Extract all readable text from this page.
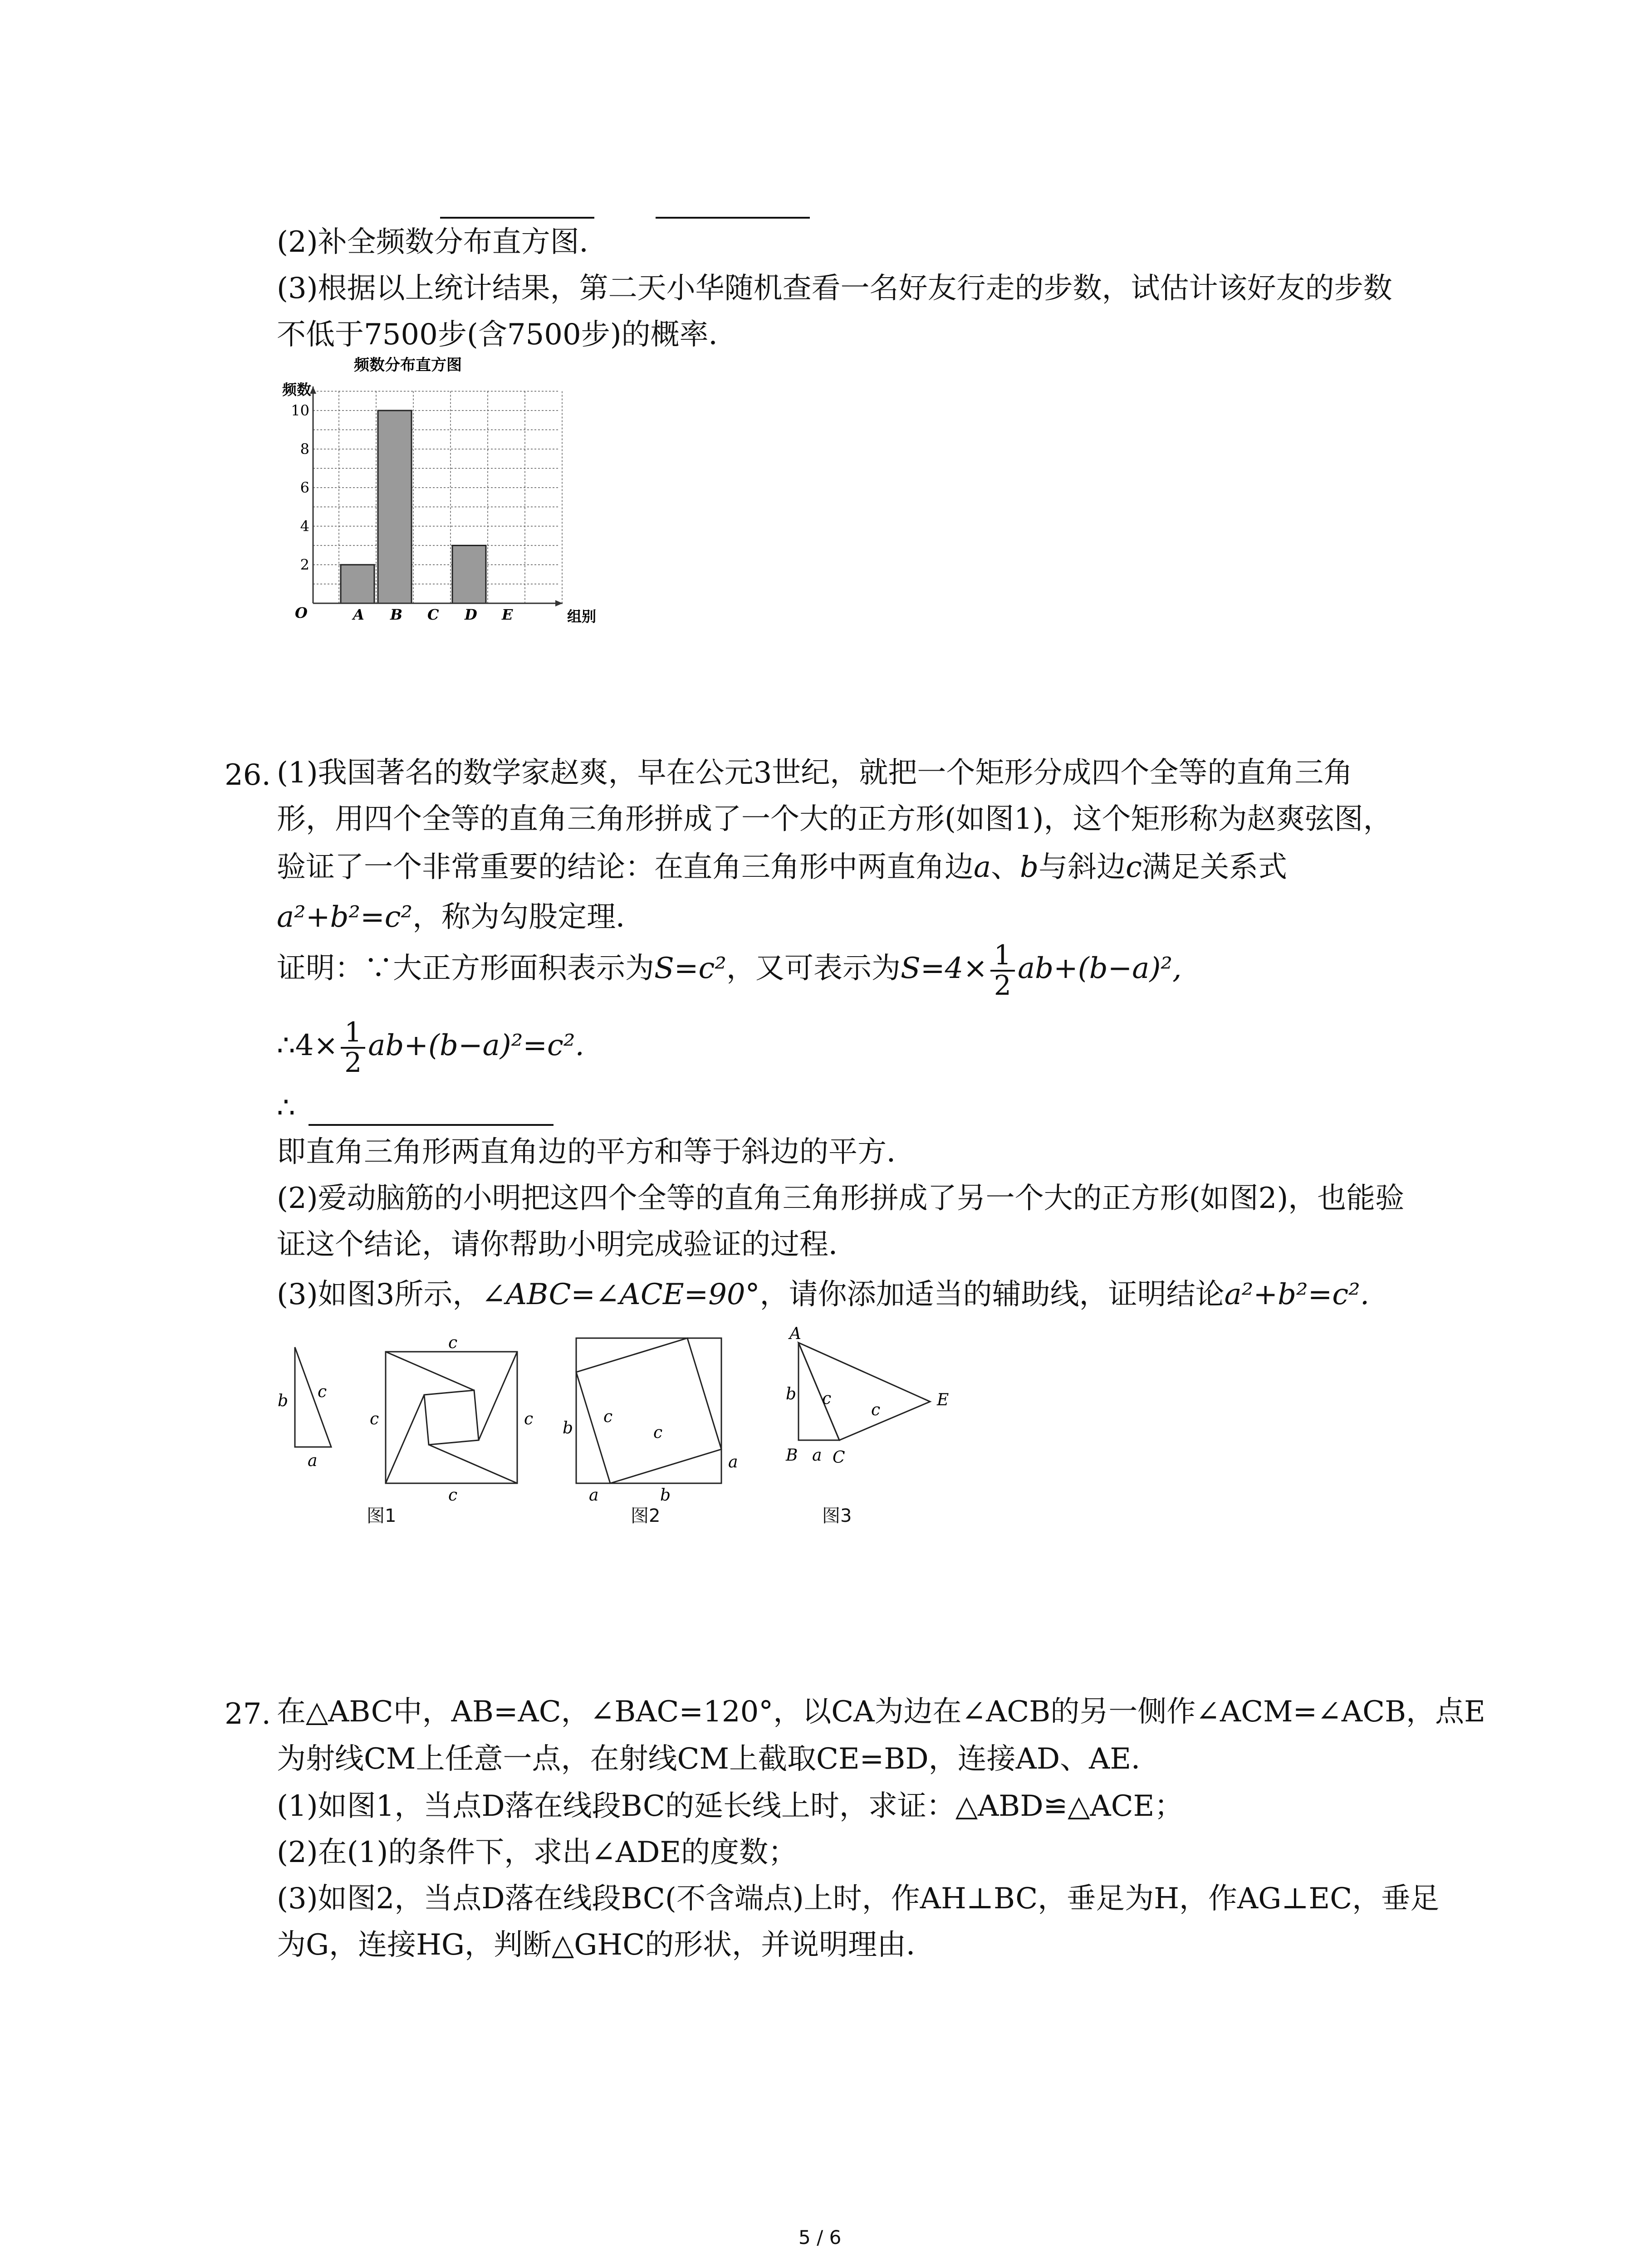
(2)补全频数分布直方图．
(3)根据以上统计结果，第二天小华随机查看一名好友行走的步数，试估计该好友的步数
不低于7500步(含7500步)的概率．
频数分布直方图
频数
2
4
6
8
10
A B C D E
O	组别
26. (1)我国著名的数学家赵爽，早在公元3世纪，就把一个矩形分成四个全等的直角三角
形，用四个全等的直角三角形拼成了一个大的正方形(如图1)，这个矩形称为赵爽弦图，
验证了一个非常重要的结论：在直角三角形中两直角边a、b与斜边c满足关系式
a²+b²=c²，称为勾股定理．
证明：∵大正方形面积表示为S=c²，又可表示为$S=4\times \frac{1}{2} ab+(b-a)^2$,
∴4× $\frac{1}{2} ab+(b-a)^2=c^2$.
∴
即直角三角形两直角边的平方和等于斜边的平方．
(2)爱动脑筋的小明把这四个全等的直角三角形拼成了另一个大的正方形(如图2)，也能验
证这个结论，请你帮助小明完成验证的过程．
(3)如图3所示，∠ABC=∠ACE=90°，请你添加适当的辅助线，证明结论a²+b²=c².
b c
a
c
c	c
c
b
c
c
a
a	b
A
b c
c
E
B a C
图1	图2	图3
27. 在△ABC中，AB=AC，∠BAC=120°，以CA为边在∠ACB的另一侧作∠ACM=∠ACB，点E
为射线CM上任意一点，在射线CM上截取CE=BD，连接AD、AE．
(1)如图1，当点D落在线段BC的延长线上时，求证：△ABD≌△ACE；
(2)在(1)的条件下，求出∠ADE的度数；
(3)如图2，当点D落在线段BC(不含端点)上时，作AH⊥BC，垂足为H，作AG⊥EC，垂足
为G，连接HG，判断△GHC的形状，并说明理由．
5 / 6
